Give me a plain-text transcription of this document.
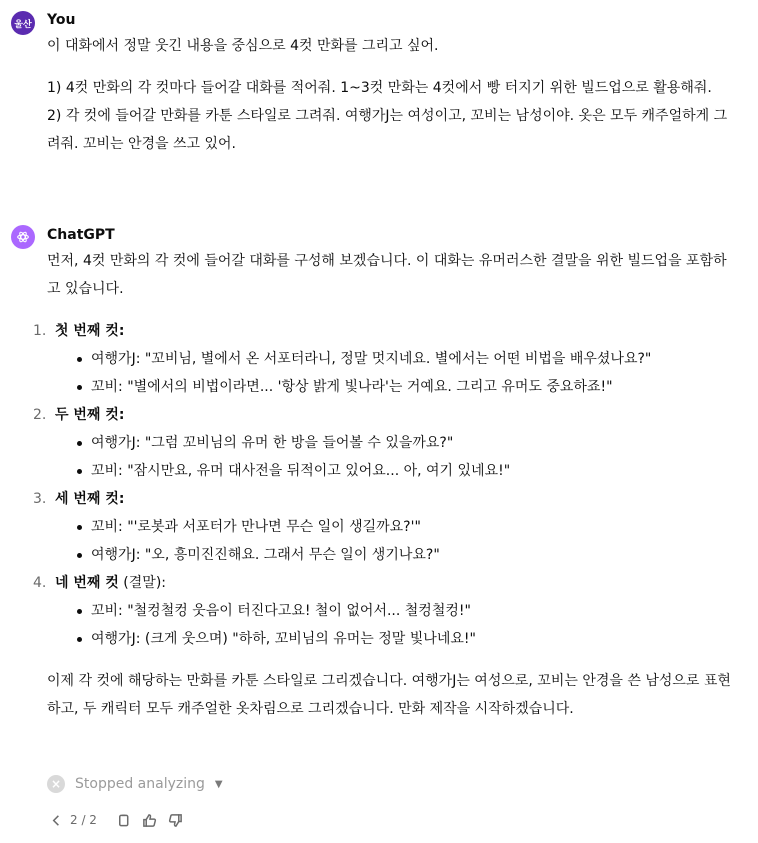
울산 You

이 대화에서 정말 웃긴 내용을 중심으로 4컷 만화를 그리고 싶어.

1) 4컷 만화의 각 컷마다 들어갈 대화를 적어줘. 1~3컷 만화는 4컷에서 빵 터지기 위한 빌드업으로 활용해줘.

2) 각 컷에 들어갈 만화를 카툰 스타일로 그려줘. 여행가J는 여성이고, 꼬비는 남성이야. 옷은 모두 캐주얼하게 그려줘. 꼬비는 안경을 쓰고 있어.

ChatGPT

먼저, 4컷 만화의 각 컷에 들어갈 대화를 구성해 보겠습니다. 이 대화는 유머러스한 결말을 위한 빌드업을 포함하고 있습니다.

1. 첫 번째 컷:
여행가J: "꼬비님, 별에서 온 서포터라니, 정말 멋지네요. 별에서는 어떤 비법을 배우셨나요?"
꼬비: "별에서의 비법이라면... '항상 밝게 빛나라'는 거예요. 그리고 유머도 중요하죠!"
2. 두 번째 컷:
여행가J: "그럼 꼬비님의 유머 한 방을 들어볼 수 있을까요?"
꼬비: "잠시만요, 유머 대사전을 뒤적이고 있어요... 아, 여기 있네요!"
3. 세 번째 컷:
꼬비: "'로봇과 서포터가 만나면 무슨 일이 생길까요?'"
여행가J: "오, 흥미진진해요. 그래서 무슨 일이 생기나요?"
4. 네 번째 컷 (결말):
꼬비: "철컹철컹 웃음이 터진다고요! 철이 없어서... 철컹철컹!"
여행가J: (크게 웃으며) "하하, 꼬비님의 유머는 정말 빛나네요!"

이제 각 컷에 해당하는 만화를 카툰 스타일로 그리겠습니다. 여행가J는 여성으로, 꼬비는 안경을 쓴 남성으로 표현하고, 두 캐릭터 모두 캐주얼한 옷차림으로 그리겠습니다. 만화 제작을 시작하겠습니다.

× Stopped analyzing ▼
2 / 2
